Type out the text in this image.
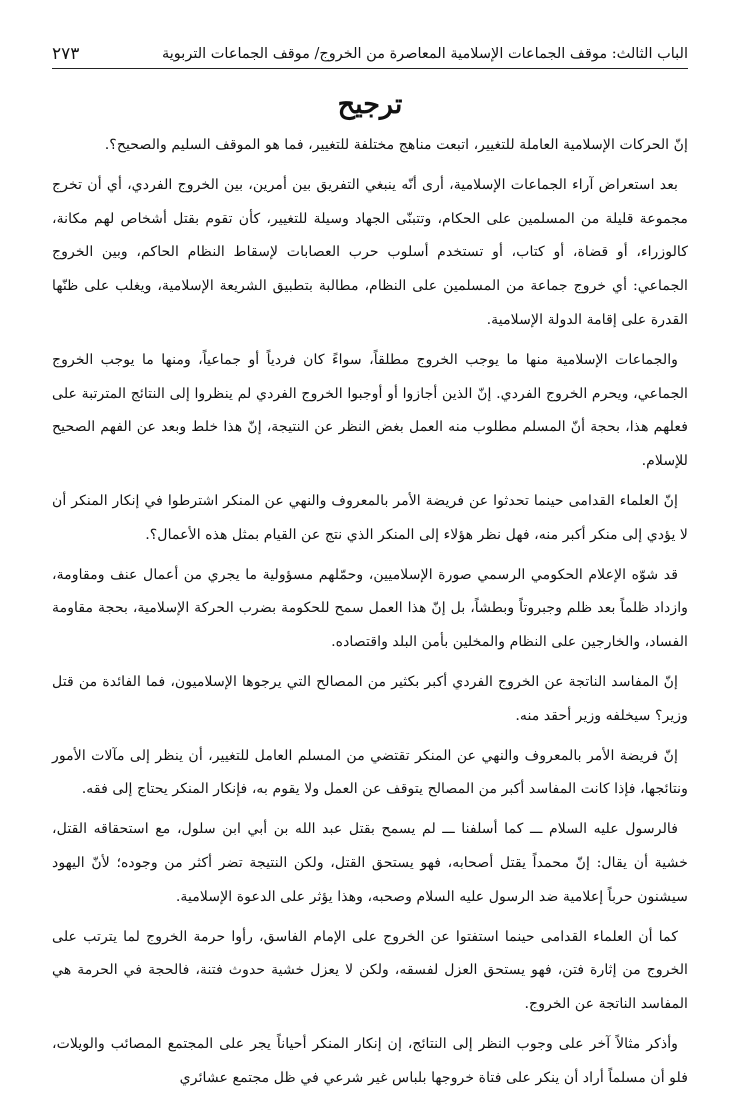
الباب الثالث: موقف الجماعات الإسلامية المعاصرة من الخروج/ موقف الجماعات التربوية
٢٧٣
ترجيح

إنّ الحركات الإسلامية العاملة للتغيير، اتبعت مناهج مختلفة للتغيير، فما هو الموقف السليم والصحيح؟.

بعد استعراض آراء الجماعات الإسلامية، أرى أنّه ينبغي التفريق بين أمرين، بين الخروج الفردي، أي أن تخرج مجموعة قليلة من المسلمين على الحكام، وتتبنّى الجهاد وسيلة للتغيير، كأن تقوم بقتل أشخاص لهم مكانة، كالوزراء، أو قضاة، أو كتاب، أو تستخدم أسلوب حرب العصابات لإسقاط النظام الحاكم، وبين الخروج الجماعي: أي خروج جماعة من المسلمين على النظام، مطالبة بتطبيق الشريعة الإسلامية، ويغلب على ظنّها القدرة على إقامة الدولة الإسلامية.

والجماعات الإسلامية منها ما يوجب الخروج مطلقاً، سواءً كان فردياً أو جماعياً، ومنها ما يوجب الخروج الجماعي، ويحرم الخروج الفردي. إنّ الذين أجازوا أو أوجبوا الخروج الفردي لم ينظروا إلى النتائج المترتبة على فعلهم هذا، بحجة أنّ المسلم مطلوب منه العمل بغض النظر عن النتيجة، إنّ هذا خلط وبعد عن الفهم الصحيح للإسلام.

إنّ العلماء القدامى حينما تحدثوا عن فريضة الأمر بالمعروف والنهي عن المنكر اشترطوا في إنكار المنكر أن لا يؤدي إلى منكر أكبر منه، فهل نظر هؤلاء إلى المنكر الذي نتج عن القيام بمثل هذه الأعمال؟.

قد شوّه الإعلام الحكومي الرسمي صورة الإسلاميين، وحمّلهم مسؤولية ما يجري من أعمال عنف ومقاومة، وازداد ظلماً بعد ظلم وجبروتاً وبطشاً، بل إنّ هذا العمل سمح للحكومة بضرب الحركة الإسلامية، بحجة مقاومة الفساد، والخارجين على النظام والمخلين بأمن البلد واقتصاده.

إنّ المفاسد الناتجة عن الخروج الفردي أكبر بكثير من المصالح التي يرجوها الإسلاميون، فما الفائدة من قتل وزير؟ سيخلفه وزير أحقد منه.

إنّ فريضة الأمر بالمعروف والنهي عن المنكر تقتضي من المسلم العامل للتغيير، أن ينظر إلى مآلات الأمور ونتائجها، فإذا كانت المفاسد أكبر من المصالح يتوقف عن العمل ولا يقوم به، فإنكار المنكر يحتاج إلى فقه.

فالرسول عليه السلام ـــ كما أسلفنا ـــ لم يسمح بقتل عبد الله بن أبي ابن سلول، مع استحقاقه القتل، خشية أن يقال: إنّ محمداً يقتل أصحابه، فهو يستحق القتل، ولكن النتيجة تضر أكثر من وجوده؛ لأنّ اليهود سيشنون حرباً إعلامية ضد الرسول عليه السلام وصحبه، وهذا يؤثر على الدعوة الإسلامية.

كما أن العلماء القدامى حينما استفتوا عن الخروج على الإمام الفاسق، رأوا حرمة الخروج لما يترتب على الخروج من إثارة فتن، فهو يستحق العزل لفسقه، ولكن لا يعزل خشية حدوث فتنة، فالحجة في الحرمة هي المفاسد الناتجة عن الخروج.

وأذكر مثالاً آخر على وجوب النظر إلى النتائج، إن إنكار المنكر أحياناً يجر على المجتمع المصائب والويلات، فلو أن مسلماً أراد أن ينكر على فتاة خروجها بلباس غير شرعي في ظل مجتمع عشائري
